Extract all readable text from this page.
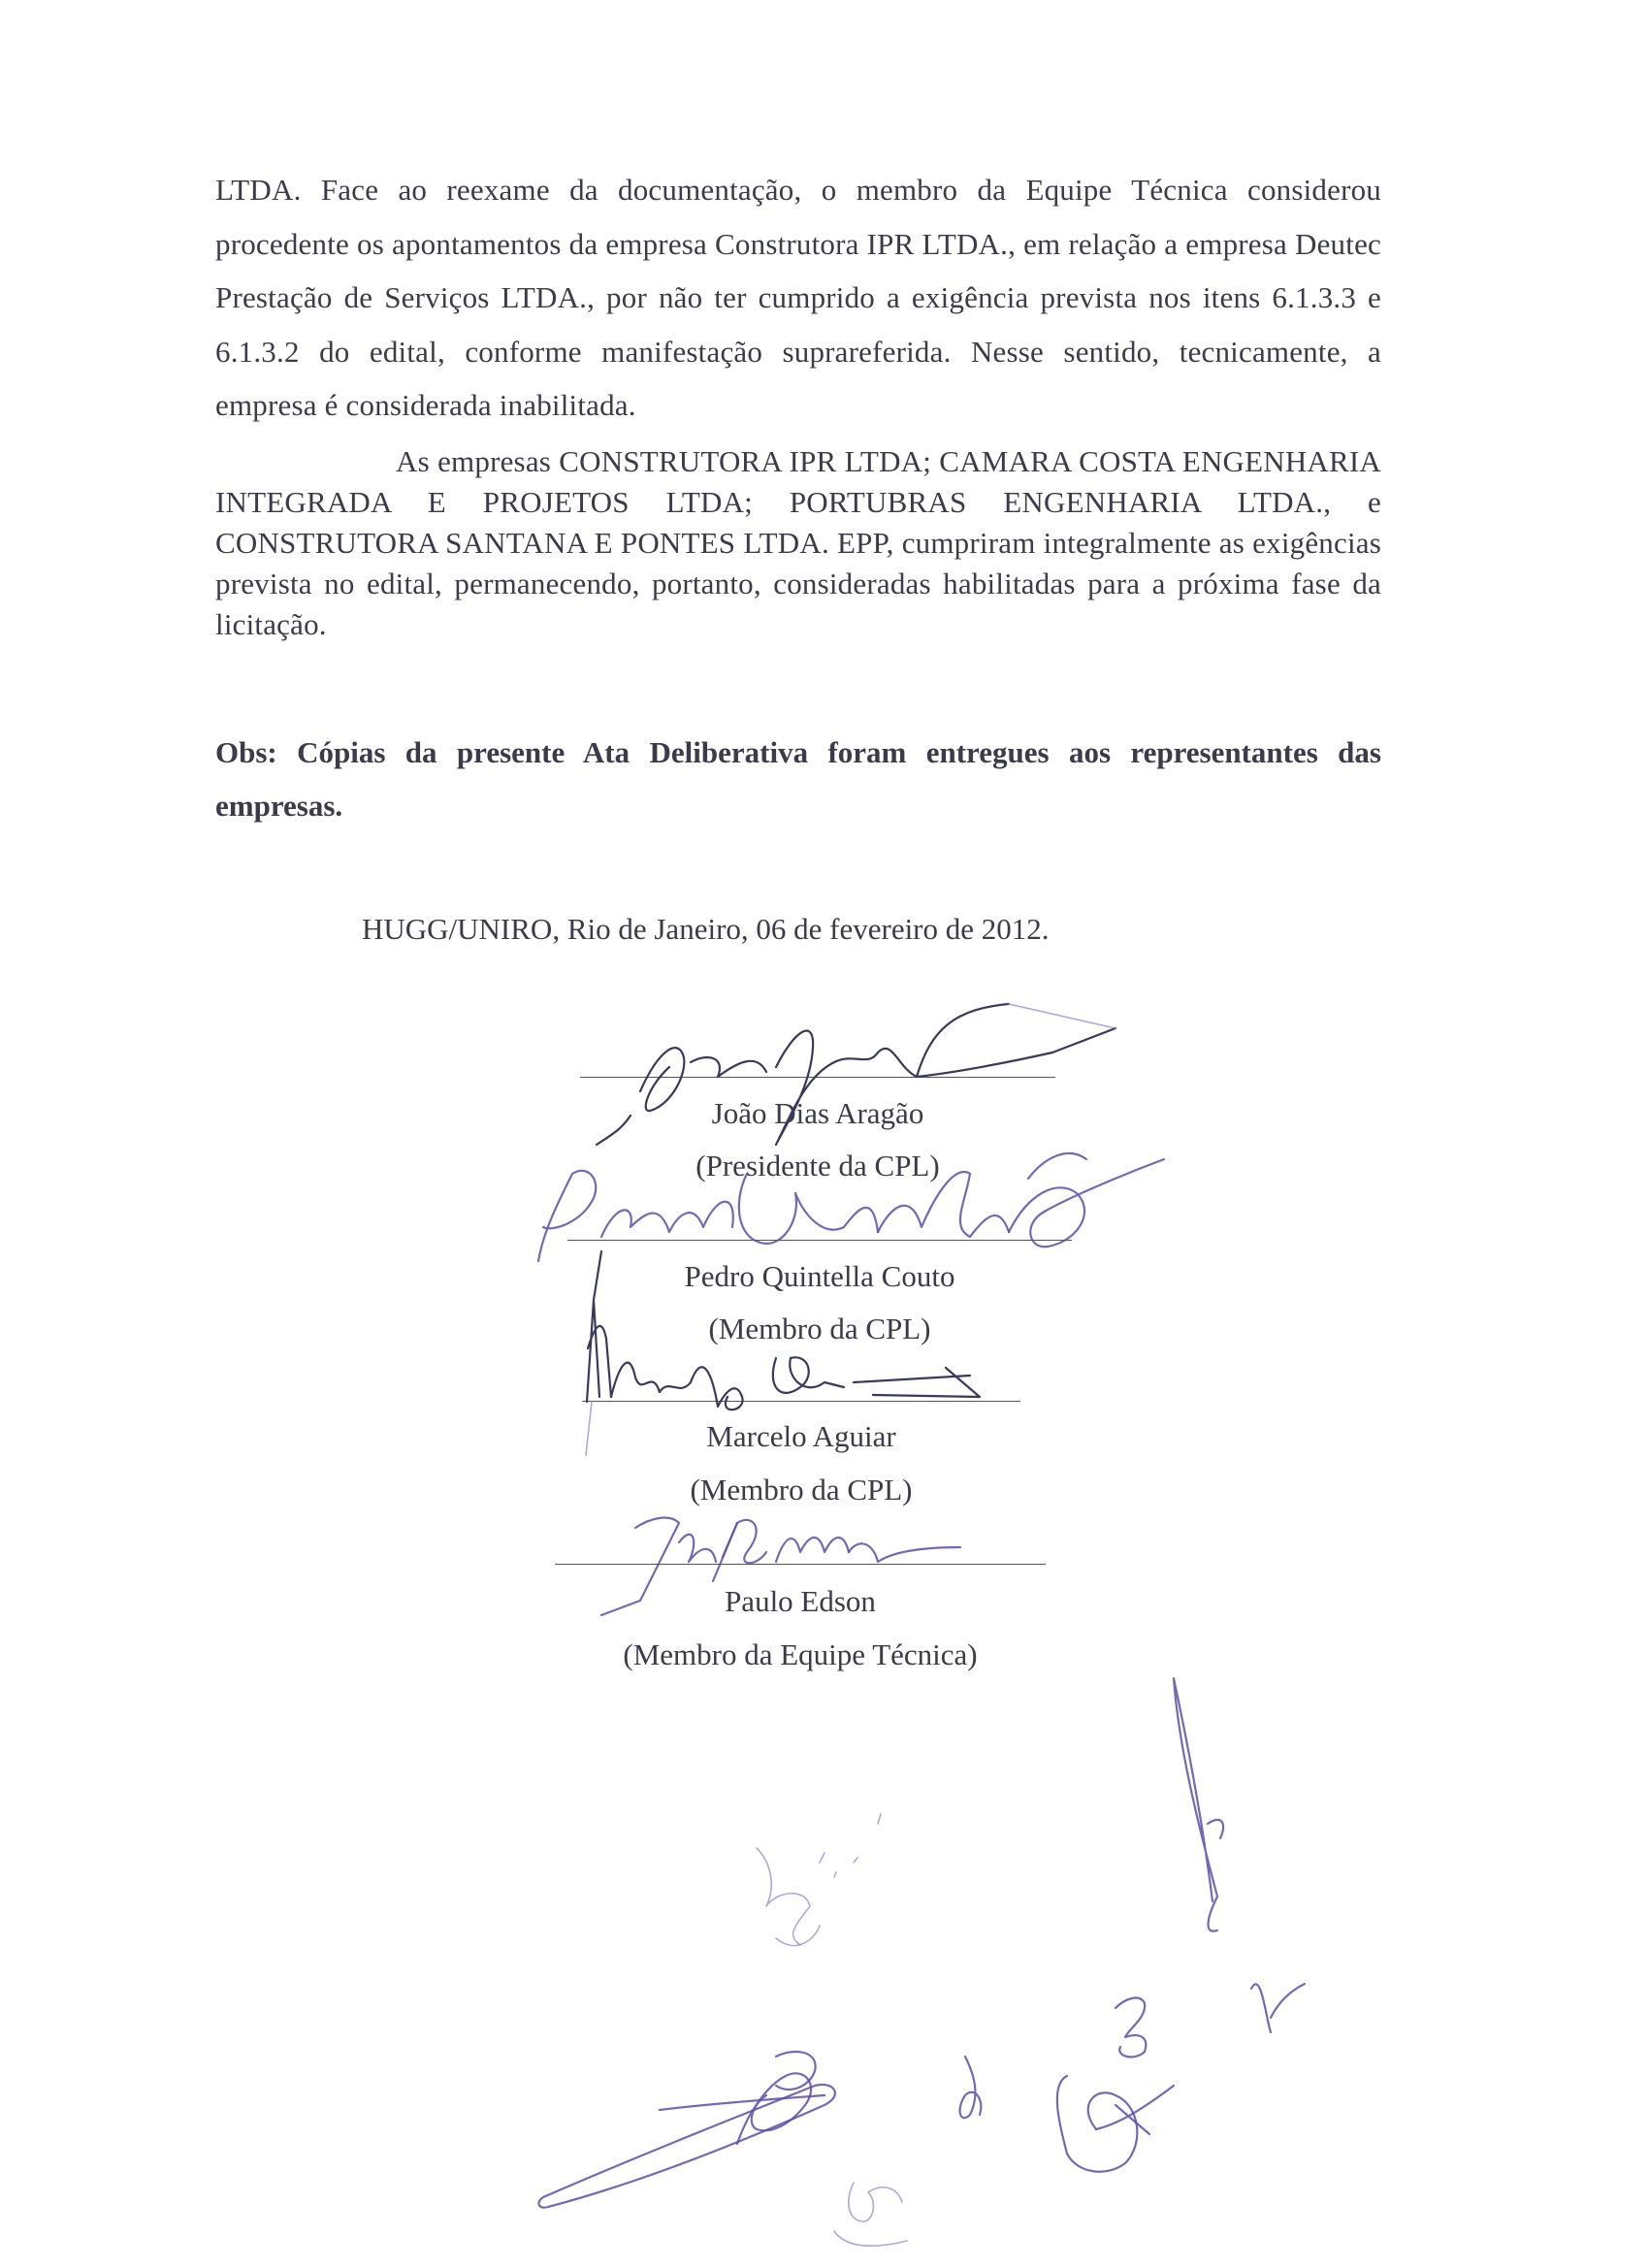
LTDA. Face ao reexame da documentação, o membro da Equipe Técnica considerou procedente os apontamentos da empresa Construtora IPR LTDA., em relação a empresa Deutec Prestação de Serviços LTDA., por não ter cumprido a exigência prevista nos itens 6.1.3.3 e 6.1.3.2 do edital, conforme manifestação suprareferida. Nesse sentido, tecnicamente, a empresa é considerada inabilitada.
As empresas CONSTRUTORA IPR LTDA; CAMARA COSTA ENGENHARIA INTEGRADA E PROJETOS LTDA; PORTUBRAS ENGENHARIA LTDA., e CONSTRUTORA SANTANA E PONTES LTDA. EPP, cumpriram integralmente as exigências prevista no edital, permanecendo, portanto, consideradas habilitadas para a próxima fase da licitação.
Obs: Cópias da presente Ata Deliberativa foram entregues aos representantes das empresas.
HUGG/UNIRO, Rio de Janeiro, 06 de fevereiro de 2012.
João Dias Aragão
(Presidente da CPL)
Pedro Quintella Couto
(Membro da CPL)
Marcelo Aguiar
(Membro da CPL)
Paulo Edson
(Membro da Equipe Técnica)
